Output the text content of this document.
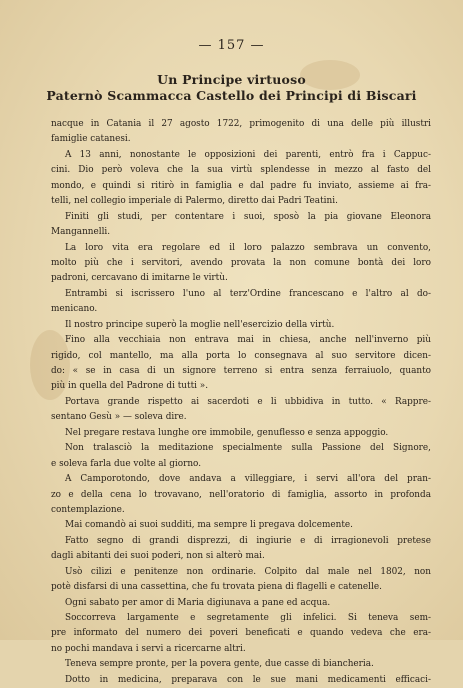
— 157 —
Un Principe virtuoso
Paternò Scammacca Castello dei Principi di Biscari
nacque in Catania il 27 agosto 1722, primogenito di una delle più illustri
famiglie catanesi.
A 13 anni, nonostante le opposizioni dei parenti, entrò fra i Cappuc-
cini. Dio però voleva che la sua virtù splendesse in mezzo al fasto del
mondo, e quindi si ritirò in famiglia e dal padre fu inviato, assieme ai fra-
telli, nel collegio imperiale di Palermo, diretto dai Padri Teatini.
Finiti gli studi, per contentare i suoi, sposò la pia giovane Eleonora
Mangannelli.
La loro vita era regolare ed il loro palazzo sembrava un convento,
molto più che i servitori, avendo provata la non comune bontà dei loro
padroni, cercavano di imitarne le virtù.
Entrambi si iscrissero l'uno al terz'Ordine francescano e l'altro al do-
menicano.
Il nostro principe superò la moglie nell'esercizio della virtù.
Fino alla vecchiaia non entrava mai in chiesa, anche nell'inverno più
rigido, col mantello, ma alla porta lo consegnava al suo servitore dicen-
do: « se in casa di un signore terreno si entra senza ferraiuolo, quanto
più in quella del Padrone di tutti ».
Portava grande rispetto ai sacerdoti e li ubbidiva in tutto. « Rappre-
sentano Gesù » — soleva dire.
Nel pregare restava lunghe ore immobile, genuflesso e senza appoggio.
Non tralasciò la meditazione specialmente sulla Passione del Signore,
e soleva farla due volte al giorno.
A Camporotondo, dove andava a villeggiare, i servi all'ora del pran-
zo e della cena lo trovavano, nell'oratorio di famiglia, assorto in profonda
contemplazione.
Mai comandò ai suoi sudditi, ma sempre li pregava dolcemente.
Fatto segno di grandi disprezzi, di ingiurie e di irragionevoli pretese
dagli abitanti dei suoi poderi, non si alterò mai.
Usò cilizi e penitenze non ordinarie. Colpito dal male nel 1802, non
potè disfarsi di una cassettina, che fu trovata piena di flagelli e catenelle.
Ogni sabato per amor di Maria digiunava a pane ed acqua.
Soccorreva largamente e segretamente gli infelici. Si teneva sem-
pre informato del numero dei poveri beneficati e quando vedeva che era-
no pochi mandava i servi a ricercarne altri.
Teneva sempre pronte, per la povera gente, due casse di biancheria.
Dotto in medicina, preparava con le sue mani medicamenti efficaci-
